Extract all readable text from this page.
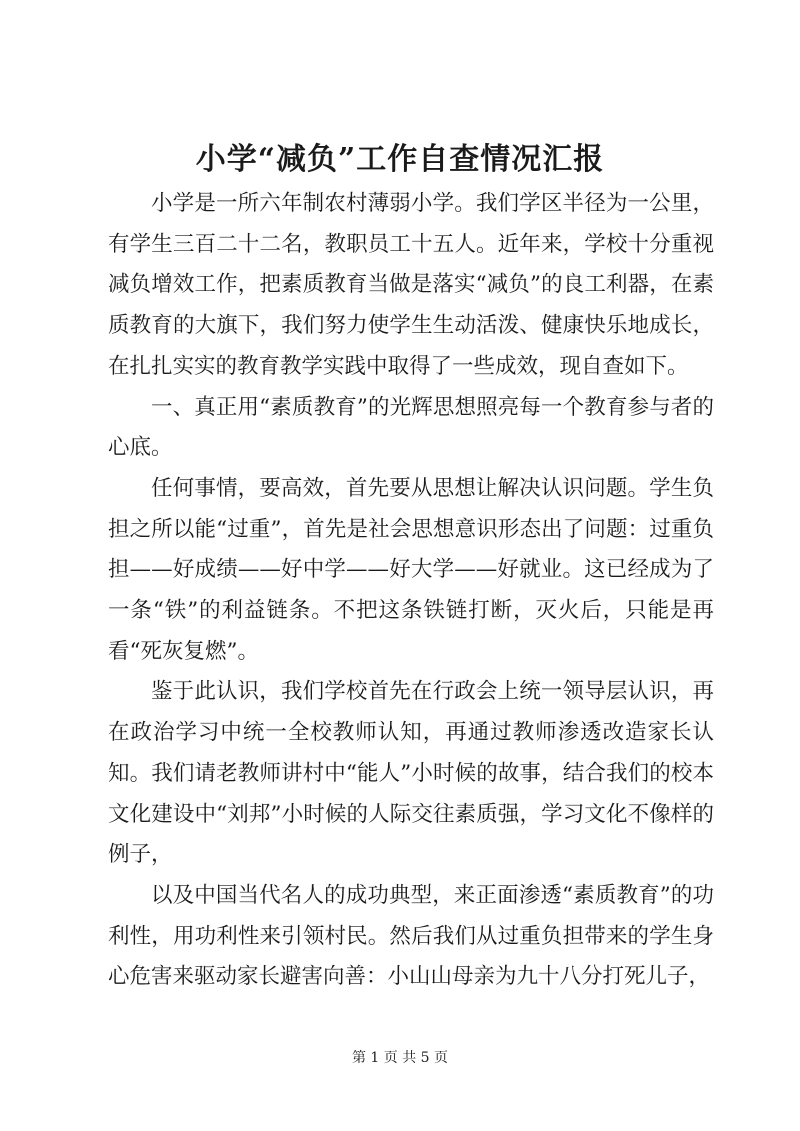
小学“减负”工作自查情况汇报

小学是一所六年制农村薄弱小学。我们学区半径为一公里，有学生三百二十二名，教职员工十五人。近年来，学校十分重视减负增效工作，把素质教育当做是落实“减负”的良工利器，在素质教育的大旗下，我们努力使学生生动活泼、健康快乐地成长，在扎扎实实的教育教学实践中取得了一些成效，现自查如下。

一、真正用“素质教育”的光辉思想照亮每一个教育参与者的心底。

任何事情，要高效，首先要从思想让解决认识问题。学生负担之所以能“过重”，首先是社会思想意识形态出了问题：过重负担——好成绩——好中学——好大学——好就业。这已经成为了一条“铁”的利益链条。不把这条铁链打断，灭火后，只能是再看“死灰复燃”。

鉴于此认识，我们学校首先在行政会上统一领导层认识，再在政治学习中统一全校教师认知，再通过教师渗透改造家长认知。我们请老教师讲村中“能人”小时候的故事，结合我们的校本文化建设中“刘邦”小时候的人际交往素质强，学习文化不像样的例子，

以及中国当代名人的成功典型，来正面渗透“素质教育”的功利性，用功利性来引领村民。然后我们从过重负担带来的学生身心危害来驱动家长避害向善：小山山母亲为九十八分打死儿子，

第 1 页 共 5 页
